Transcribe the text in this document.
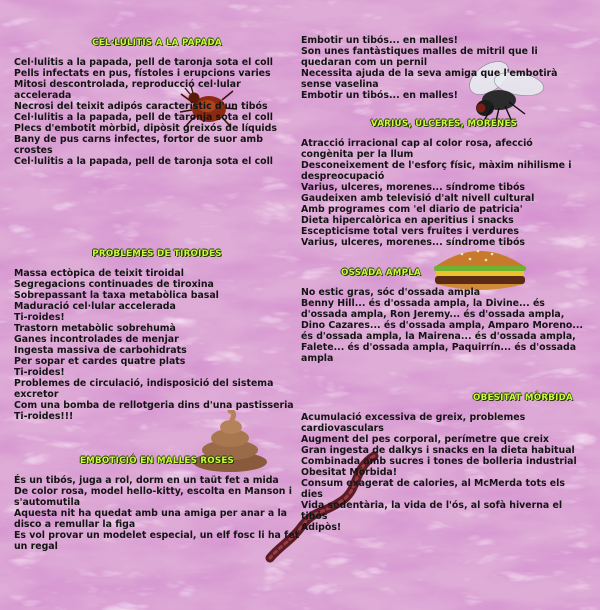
CEL·LULITIS A LA PAPADA

Cel·lulitis a la papada, pell de taronja sota el coll

Pells infectats en pus, fístoles i erupcions varies

Mitosi descontrolada, reproducció cel·lular accelerada

Necrosi del teixit adipós característic d'un tibós

Cel·lulitis a la papada, pell de taronja sota el coll

Plecs d'embotit mòrbid, dipòsit greixós de líquids

Bany de pus carns infectes, fortor de suor amb crostes

Cel·lulitis a la papada, pell de taronja sota el coll

PROBLEMES DE TIROIDES

Massa ectòpica de teixit tiroidal

Segregacions continuades de tiroxina

Sobrepassant la taxa metabòlica basal

Maduració cel·lular accelerada

Ti-roides!

Trastorn metabòlic sobrehumà

Ganes incontrolades de menjar

Ingesta massiva de carbohidrats

Per sopar et cardes quatre plats

Ti-roides!

Problemes de circulació, indisposició del sistema excretor

Com una bomba de rellotgeria dins d'una pastisseria

Ti-roides!!!

EMBOTICIÓ EN MALLES ROSES

És un tibós, juga a rol, dorm en un taüt fet a mida

De color rosa, model hello-kitty, escolta en Manson i s'automutila

Aquesta nit ha quedat amb una amiga per anar a la disco a remullar la figa

Es vol provar un modelet especial, un elf fosc li ha fet un regal

Embotir un tibós... en malles!

Son unes fantàstiques malles de mitril que li quedaran com un pernil

Necessita ajuda de la seva amiga que l'embotirà sense vaselina

Embotir un tibós... en malles!

VARIUS, ULCERES, MORENES

Atracció irracional cap al color rosa, afecció congènita per la llum

Desconeixement de l'esforç físic, màxim nihilisme i despreocupació

Varius, ulceres, morenes... síndrome tibós

Gaudeixen amb televisió d'alt nivell cultural

Amb programes com 'el diario de patricia'

Dieta hipercalòrica en aperitius i snacks

Escepticisme total vers fruites i verdures

Varius, ulceres, morenes... síndrome tibós

OSSADA AMPLA

No estic gras, sóc d'ossada ampla

Benny Hill... és d'ossada ampla, la Divine... és d'ossada ampla, Ron Jeremy... és d'ossada ampla, Dino Cazares... és d'ossada ampla, Amparo Moreno... és d'ossada ampla, la Mairena... és d'ossada ampla, Falete... és d'ossada ampla, Paquirrín... és d'ossada ampla

OBESITAT MÒRBIDA

Acumulació excessiva de greix, problemes cardiovasculars

Augment del pes corporal, perímetre que creix

Gran ingesta de dalkys i snacks en la dieta habitual

Combinada amb sucres i tones de bolleria industrial

Obesitat Mòrbida!

Consum exagerat de calories, al McMerda tots els dies

Vida sedentària, la vida de l'ós, al sofà hiverna el tibós

Adipòs!
